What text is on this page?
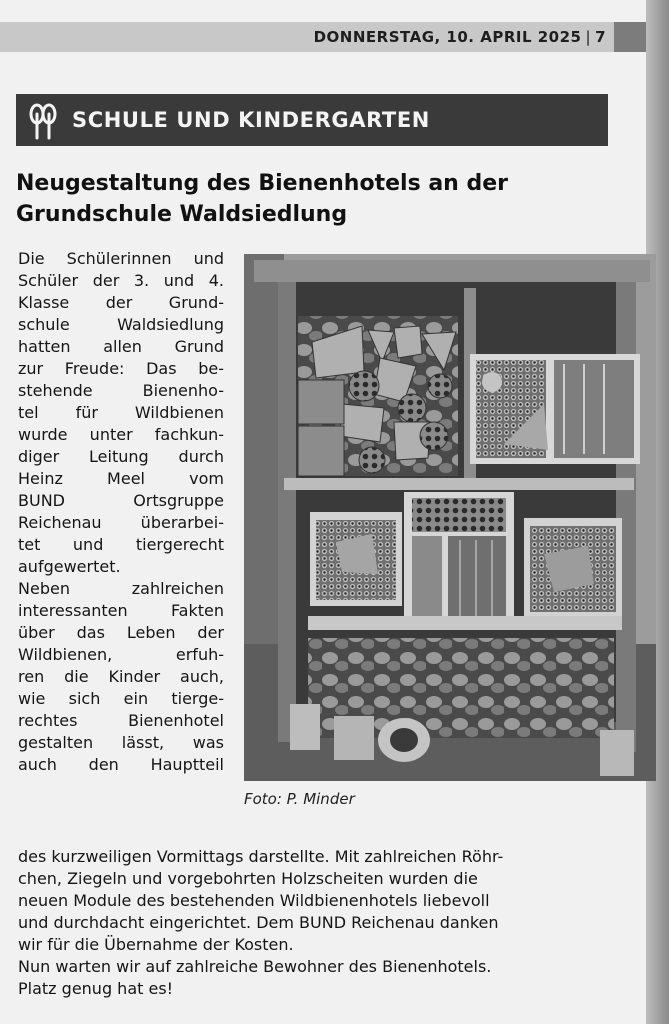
DONNERSTAG, 10. APRIL 2025 | 7
SCHULE UND KINDERGARTEN
Neugestaltung des Bienenhotels an der
Grundschule Waldsiedlung
Die Schülerinnen und
Schüler der 3. und 4.
Klasse der Grund-
schule Waldsiedlung
hatten allen Grund
zur Freude: Das be-
stehende Bienenho-
tel für Wildbienen
wurde unter fachkun-
diger Leitung durch
Heinz Meel vom
BUND Ortsgruppe
Reichenau überarbei-
tet und tiergerecht
aufgewertet.
Neben zahlreichen
interessanten Fakten
über das Leben der
Wildbienen, erfuh-
ren die Kinder auch,
wie sich ein tierge-
rechtes Bienenhotel
gestalten lässt, was
auch den Hauptteil
Foto: P. Minder
des kurzweiligen Vormittags darstellte. Mit zahlreichen Röhr-
chen, Ziegeln und vorgebohrten Holzscheiten wurden die
neuen Module des bestehenden Wildbienenhotels liebevoll
und durchdacht eingerichtet. Dem BUND Reichenau danken
wir für die Übernahme der Kosten.
Nun warten wir auf zahlreiche Bewohner des Bienenhotels.
Platz genug hat es!
